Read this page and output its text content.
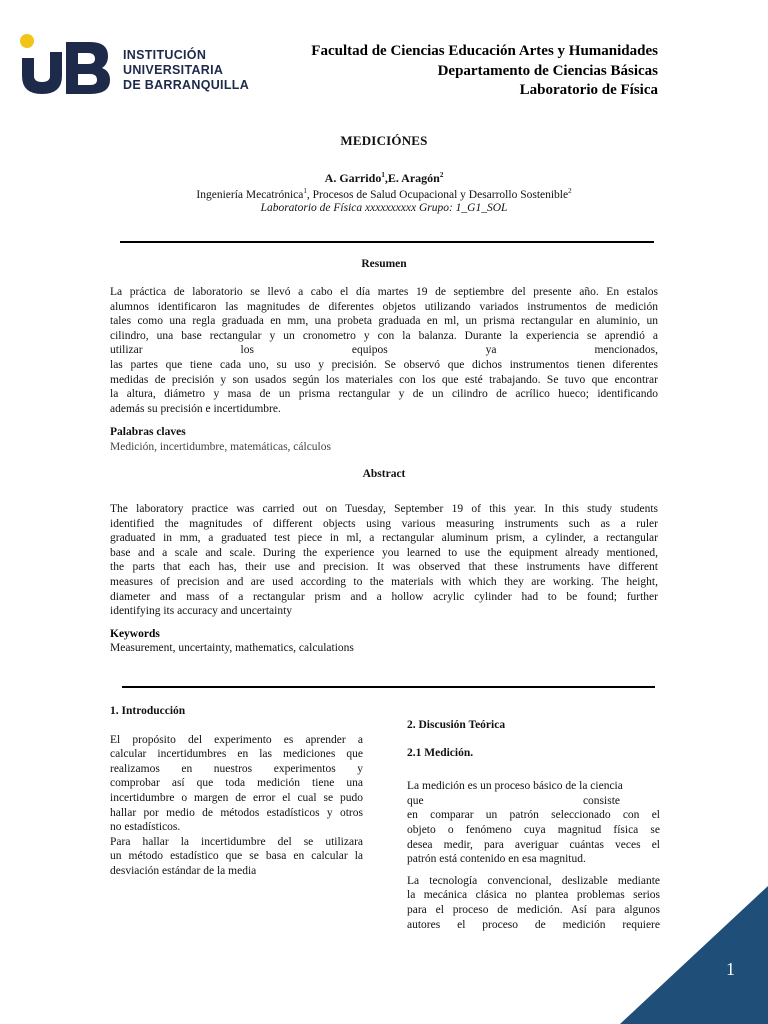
INSTITUCIÓN
UNIVERSITARIA
DE BARRANQUILLA
Facultad de Ciencias Educación Artes y Humanidades
Departamento de Ciencias Básicas
Laboratorio de Física
MEDICIÓNES
A. Garrido$^1$,E. Aragón$^2$
Ingeniería Mecatrónica$^1$, Procesos de Salud Ocupacional y Desarrollo Sostenible$^2$
Laboratorio de Física xxxxxxxxxx Grupo: 1_G1_SOL
Resumen
La práctica de laboratorio se llevó a cabo el día martes 19 de septiembre del presente año. En estalos
alumnos identificaron las magnitudes de diferentes objetos utilizando variados instrumentos de medición
tales como una regla graduada en mm, una probeta graduada en ml, un prisma rectangular en aluminio, un
cilindro, una base rectangular y un cronometro y con la balanza. Durante la experiencia se aprendió a
utilizar los equipos ya mencionados,
las partes que tiene cada uno, su uso y precisión. Se observó que dichos instrumentos tienen diferentes
medidas de precisión y son usados según los materiales con los que esté trabajando. Se tuvo que encontrar
la altura, diámetro y masa de un prisma rectangular y de un cilindro de acrílico hueco; identificando
además su precisión e incertidumbre.
Palabras claves
Medición, incertidumbre, matemáticas, cálculos
Abstract
The laboratory practice was carried out on Tuesday, September 19 of this year. In this study students
identified the magnitudes of different objects using various measuring instruments such as a ruler
graduated in mm, a graduated test piece in ml, a rectangular aluminum prism, a cylinder, a rectangular
base and a scale and scale. During the experience you learned to use the equipment already mentioned,
the parts that each has, their use and precision. It was observed that these instruments have different
measures of precision and are used according to the materials with which they are working. The height,
diameter and mass of a rectangular prism and a hollow acrylic cylinder had to be found; further
identifying its accuracy and uncertainty
Keywords
Measurement, uncertainty, mathematics, calculations
1. Introducción
El propósito del experimento es aprender a
calcular incertidumbres en las mediciones que
realizamos en nuestros experimentos y
comprobar así que toda medición tiene una
incertidumbre o margen de error el cual se pudo
hallar por medio de métodos estadísticos y otros
no estadísticos.
Para hallar la incertidumbre del se utilizara
un método estadístico que se basa en calcular la
desviación estándar de la media
2. Discusión Teórica
2.1 Medición.
La medición es un proceso básico de la ciencia
que consiste
en comparar un patrón seleccionado con el
objeto o fenómeno cuya magnitud física se
desea medir, para averiguar cuántas veces el
patrón está contenido en esa magnitud.
La tecnología convencional, deslizable mediante
la mecánica clásica no plantea problemas serios
para el proceso de medición. Así para algunos
autores el proceso de medición requiere
1
